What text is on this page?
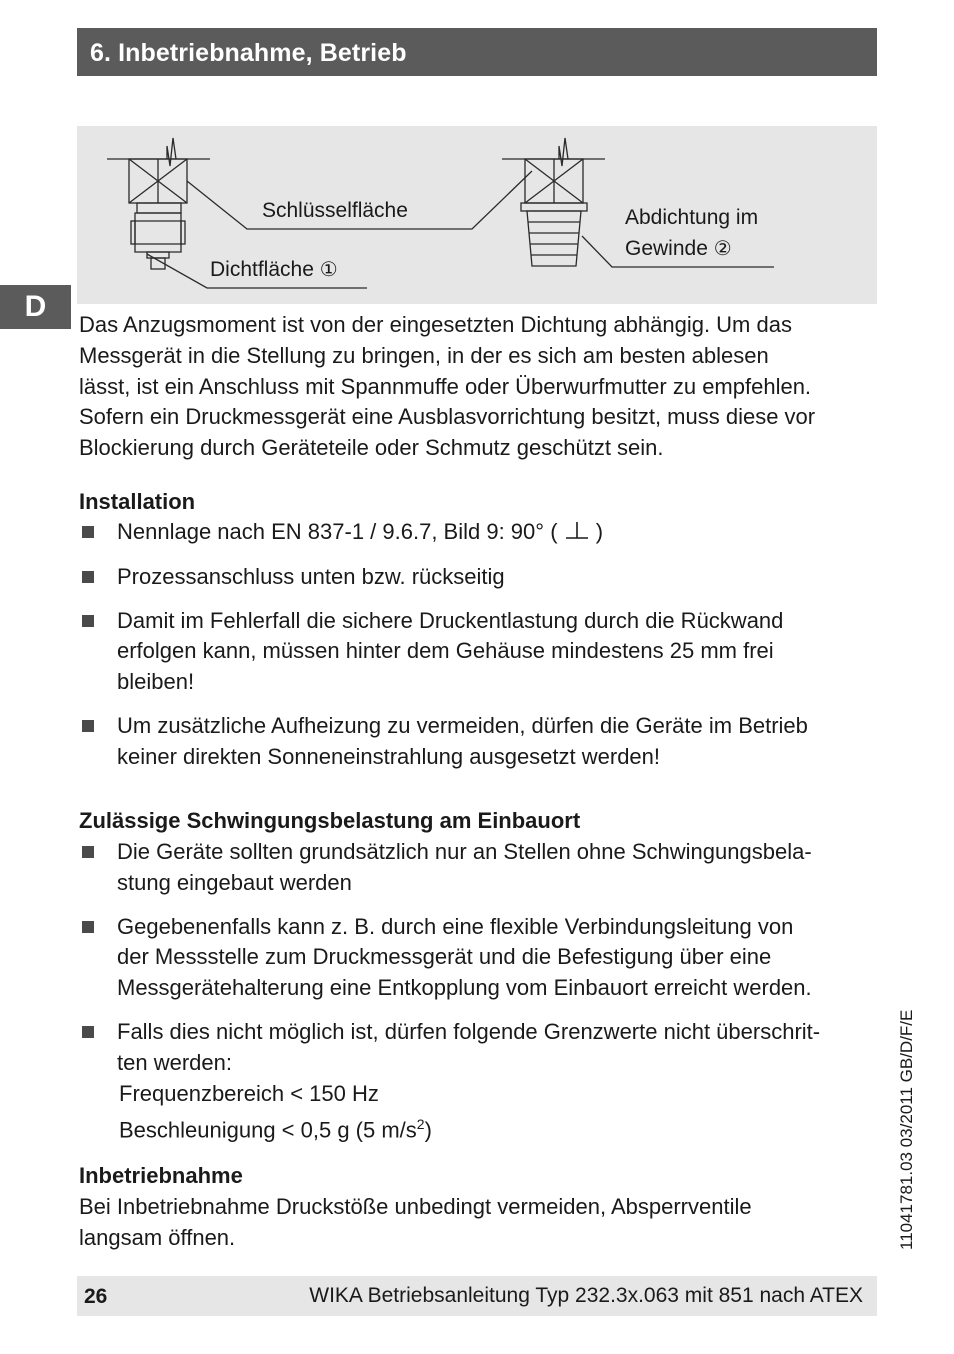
6. Inbetriebnahme, Betrieb
D
Schlüsselfläche
Dichtfläche ①
Abdichtung im
Gewinde ②
Das Anzugsmoment ist von der eingesetzten Dichtung abhängig. Um das
Messgerät in die Stellung zu bringen, in der es sich am besten ablesen
lässt, ist ein Anschluss mit Spannmuffe oder Überwurfmutter zu empfehlen.
Sofern ein Druckmessgerät eine Ausblasvorrichtung besitzt, muss diese vor
Blockierung durch Geräteteile oder Schmutz geschützt sein.
Installation
Nennlage nach EN 837-1 / 9.6.7, Bild 9: 90° ( )
Prozessanschluss unten bzw. rückseitig
Damit im Fehlerfall die sichere Druckentlastung durch die Rückwand
erfolgen kann, müssen hinter dem Gehäuse mindestens 25 mm frei
bleiben!
Um zusätzliche Aufheizung zu vermeiden, dürfen die Geräte im Betrieb
keiner direkten Sonneneinstrahlung ausgesetzt werden!
Zulässige Schwingungsbelastung am Einbauort
Die Geräte sollten grundsätzlich nur an Stellen ohne Schwingungsbela-
stung eingebaut werden
Gegebenenfalls kann z. B. durch eine flexible Verbindungsleitung von
der Messstelle zum Druckmessgerät und die Befestigung über eine
Messgerätehalterung eine Entkopplung vom Einbauort erreicht werden.
Falls dies nicht möglich ist, dürfen folgende Grenzwerte nicht überschrit-
ten werden:
Frequenzbereich < 150 Hz
Beschleunigung < 0,5 g (5 $m/s^2$)
Inbetriebnahme
Bei Inbetriebnahme Druckstöße unbedingt vermeiden, Absperrventile
langsam öffnen.	11041781.03 03/2011 GB/D/F/E
26	WIKA Betriebsanleitung Typ 232.3x.063 mit 851 nach ATEX
